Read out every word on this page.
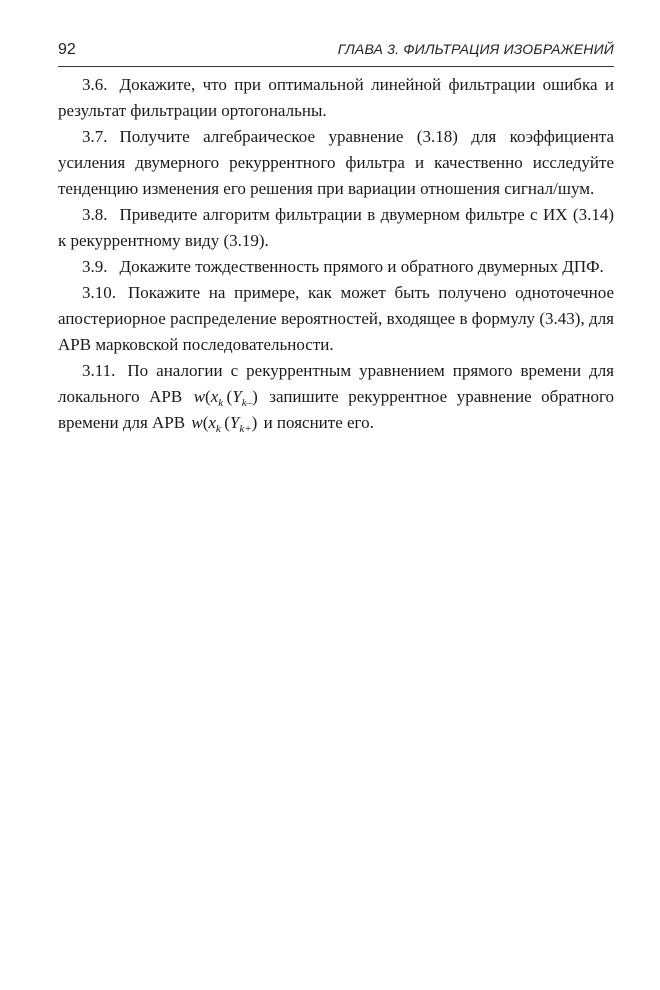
92	ГЛАВА 3. ФИЛЬТРАЦИЯ ИЗОБРАЖЕНИЙ

3.6. Докажите, что при оптимальной линейной фильтрации ошибка и результат фильтрации ортогональны.

3.7. Получите алгебраическое уравнение (3.18) для коэффициента усиления двумерного рекуррентного фильтра и качественно исследуйте тенденцию изменения его решения при вариации отношения сигнал/шум.

3.8. Приведите алгоритм фильтрации в двумерном фильтре с ИХ (3.14) к рекуррентному виду (3.19).

3.9. Докажите тождественность прямого и обратного двумерных ДПФ.

3.10. Покажите на примере, как может быть получено одноточечное апостериорное распределение вероятностей, входящее в формулу (3.43), для АРВ марковской последовательности.

3.11. По аналогии с рекуррентным уравнением прямого времени для локального АРВ $w(x_k$ $(Y_{k-})$ запишите рекуррентное уравнение обратного времени для АРВ $w(x_k$ $(Y_{k+})$ и поясните его.
